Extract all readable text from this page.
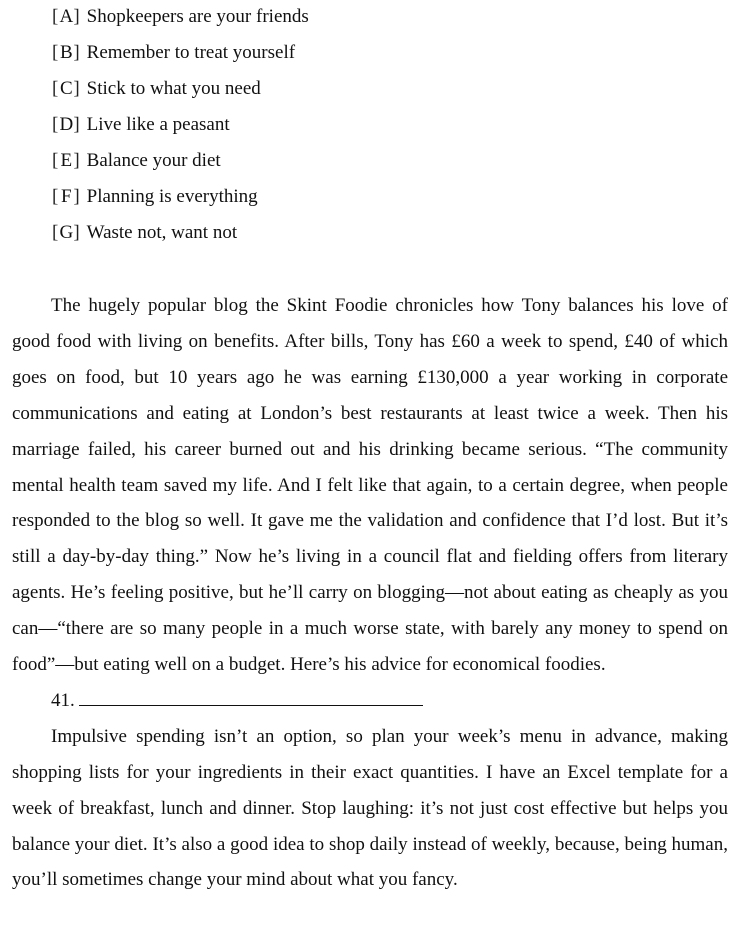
[A] Shopkeepers are your friends
[B] Remember to treat yourself
[C] Stick to what you need
[D] Live like a peasant
[E] Balance your diet
[F] Planning is everything
[G] Waste not, want not

The hugely popular blog the Skint Foodie chronicles how Tony balances his love of good food with living on benefits. After bills, Tony has £60 a week to spend, £40 of which goes on food, but 10 years ago he was earning £130,000 a year working in corporate communications and eating at London’s best restaurants at least twice a week. Then his marriage failed, his career burned out and his drinking became serious. “The community mental health team saved my life. And I felt like that again, to a certain degree, when people responded to the blog so well. It gave me the validation and confidence that I’d lost. But it’s still a day-by-day thing.” Now he’s living in a council flat and fielding offers from literary agents. He’s feeling positive, but he’ll carry on blogging—not about eating as cheaply as you can—“there are so many people in a much worse state, with barely any money to spend on food”—but eating well on a budget. Here’s his advice for economical foodies.

41.

Impulsive spending isn’t an option, so plan your week’s menu in advance, making shopping lists for your ingredients in their exact quantities. I have an Excel template for a week of breakfast, lunch and dinner. Stop laughing: it’s not just cost effective but helps you balance your diet. It’s also a good idea to shop daily instead of weekly, because, being human, you’ll sometimes change your mind about what you fancy.
